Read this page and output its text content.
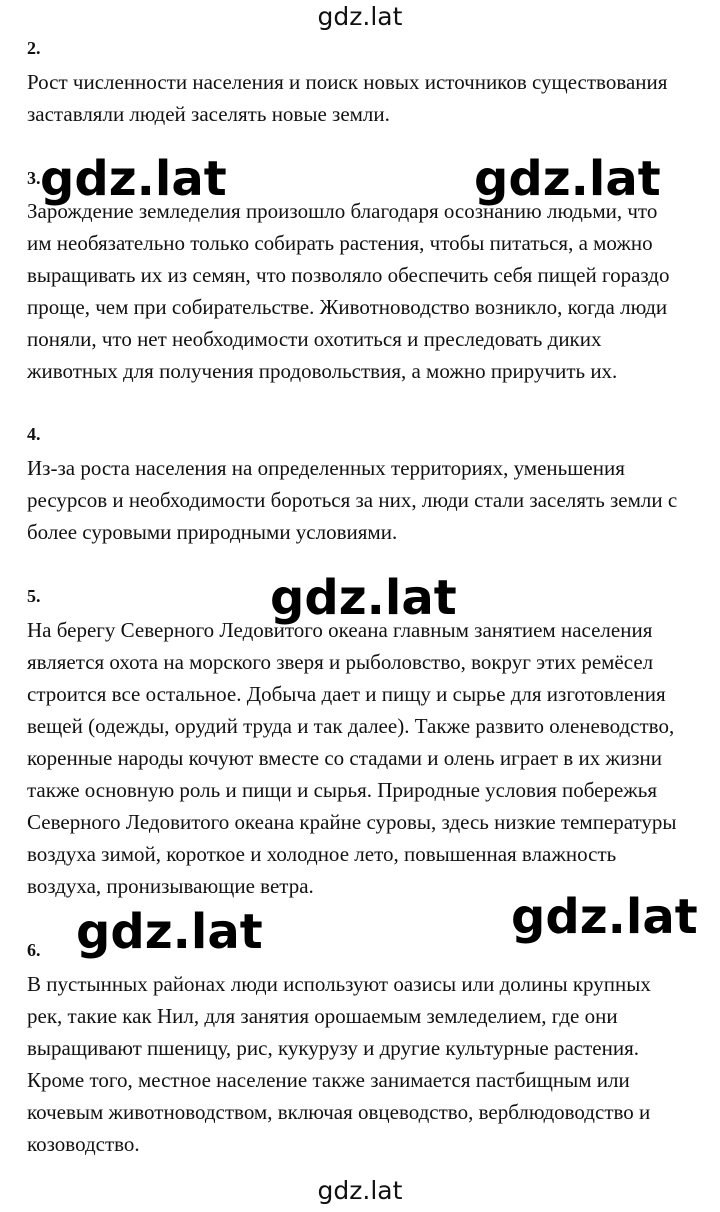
gdz.lat
2.
Рост численности населения и поиск новых источников существования
заставляли людей заселять новые земли.
3.
Зарождение земледелия произошло благодаря осознанию людьми, что
им необязательно только собирать растения, чтобы питаться, а можно
выращивать их из семян, что позволяло обеспечить себя пищей гораздо
проще, чем при собирательстве. Животноводство возникло, когда люди
поняли, что нет необходимости охотиться и преследовать диких
животных для получения продовольствия, а можно приручить их.
4.
Из-за роста населения на определенных территориях, уменьшения
ресурсов и необходимости бороться за них, люди стали заселять земли с
более суровыми природными условиями.
5.
На берегу Северного Ледовитого океана главным занятием населения
является охота на морского зверя и рыболовство, вокруг этих ремёсел
строится все остальное. Добыча дает и пищу и сырье для изготовления
вещей (одежды, орудий труда и так далее). Также развито оленеводство,
коренные народы кочуют вместе со стадами и олень играет в их жизни
также основную роль и пищи и сырья. Природные условия побережья
Северного Ледовитого океана крайне суровы, здесь низкие температуры
воздуха зимой, короткое и холодное лето, повышенная влажность
воздуха, пронизывающие ветра.
6.
В пустынных районах люди используют оазисы или долины крупных
рек, такие как Нил, для занятия орошаемым земледелием, где они
выращивают пшеницу, рис, кукурузу и другие культурные растения.
Кроме того, местное население также занимается пастбищным или
кочевым животноводством, включая овцеводство, верблюдоводство и
козоводство.
gdz.lat	gdz.lat
gdz.lat
gdz.lat	gdz.lat
gdz.lat
